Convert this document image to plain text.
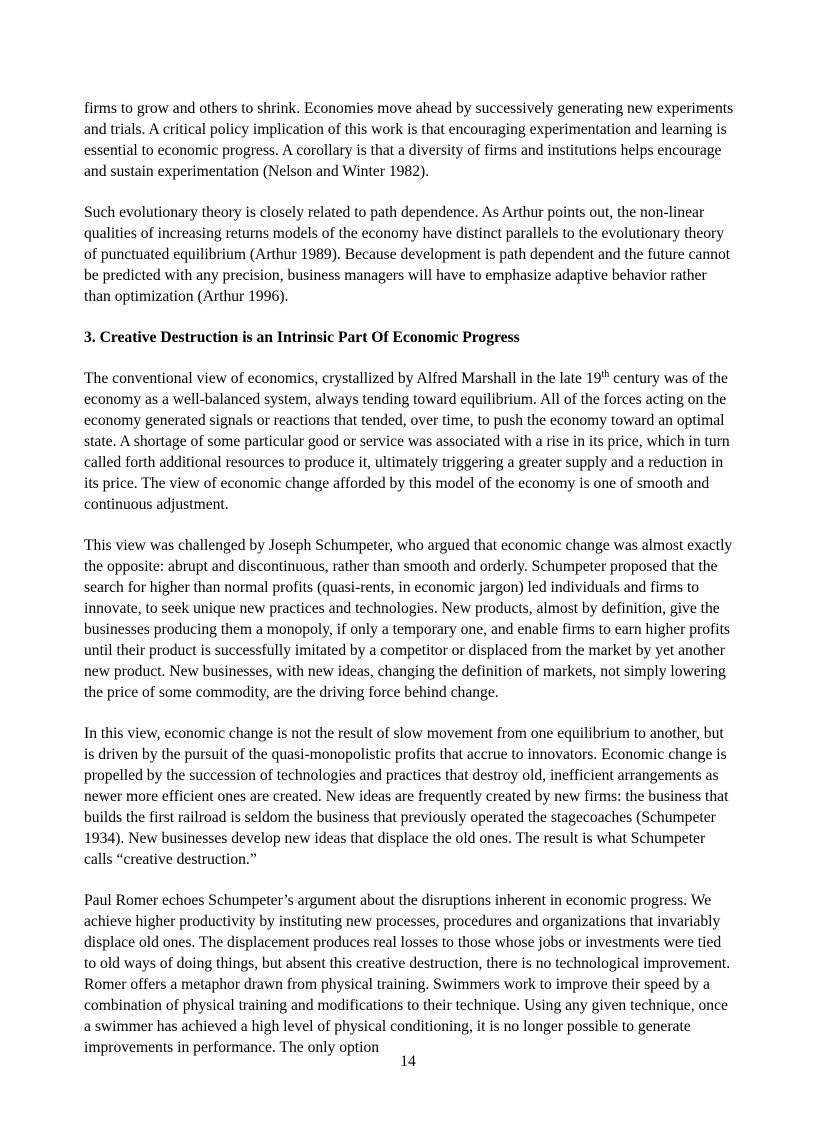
firms to grow and others to shrink. Economies move ahead by successively generating new experiments and trials. A critical policy implication of this work is that encouraging experimentation and learning is essential to economic progress. A corollary is that a diversity of firms and institutions helps encourage and sustain experimentation (Nelson and Winter 1982).

Such evolutionary theory is closely related to path dependence. As Arthur points out, the non-linear qualities of increasing returns models of the economy have distinct parallels to the evolutionary theory of punctuated equilibrium (Arthur 1989). Because development is path dependent and the future cannot be predicted with any precision, business managers will have to emphasize adaptive behavior rather than optimization (Arthur 1996).

3. Creative Destruction is an Intrinsic Part Of Economic Progress

The conventional view of economics, crystallized by Alfred Marshall in the late 19th century was of the economy as a well-balanced system, always tending toward equilibrium. All of the forces acting on the economy generated signals or reactions that tended, over time, to push the economy toward an optimal state. A shortage of some particular good or service was associated with a rise in its price, which in turn called forth additional resources to produce it, ultimately triggering a greater supply and a reduction in its price. The view of economic change afforded by this model of the economy is one of smooth and continuous adjustment.

This view was challenged by Joseph Schumpeter, who argued that economic change was almost exactly the opposite: abrupt and discontinuous, rather than smooth and orderly. Schumpeter proposed that the search for higher than normal profits (quasi-rents, in economic jargon) led individuals and firms to innovate, to seek unique new practices and technologies. New products, almost by definition, give the businesses producing them a monopoly, if only a temporary one, and enable firms to earn higher profits until their product is successfully imitated by a competitor or displaced from the market by yet another new product. New businesses, with new ideas, changing the definition of markets, not simply lowering the price of some commodity, are the driving force behind change.

In this view, economic change is not the result of slow movement from one equilibrium to another, but is driven by the pursuit of the quasi-monopolistic profits that accrue to innovators. Economic change is propelled by the succession of technologies and practices that destroy old, inefficient arrangements as newer more efficient ones are created. New ideas are frequently created by new firms: the business that builds the first railroad is seldom the business that previously operated the stagecoaches (Schumpeter 1934). New businesses develop new ideas that displace the old ones. The result is what Schumpeter calls “creative destruction.”

Paul Romer echoes Schumpeter’s argument about the disruptions inherent in economic progress. We achieve higher productivity by instituting new processes, procedures and organizations that invariably displace old ones. The displacement produces real losses to those whose jobs or investments were tied to old ways of doing things, but absent this creative destruction, there is no technological improvement. Romer offers a metaphor drawn from physical training. Swimmers work to improve their speed by a combination of physical training and modifications to their technique. Using any given technique, once a swimmer has achieved a high level of physical conditioning, it is no longer possible to generate improvements in performance. The only option

14
